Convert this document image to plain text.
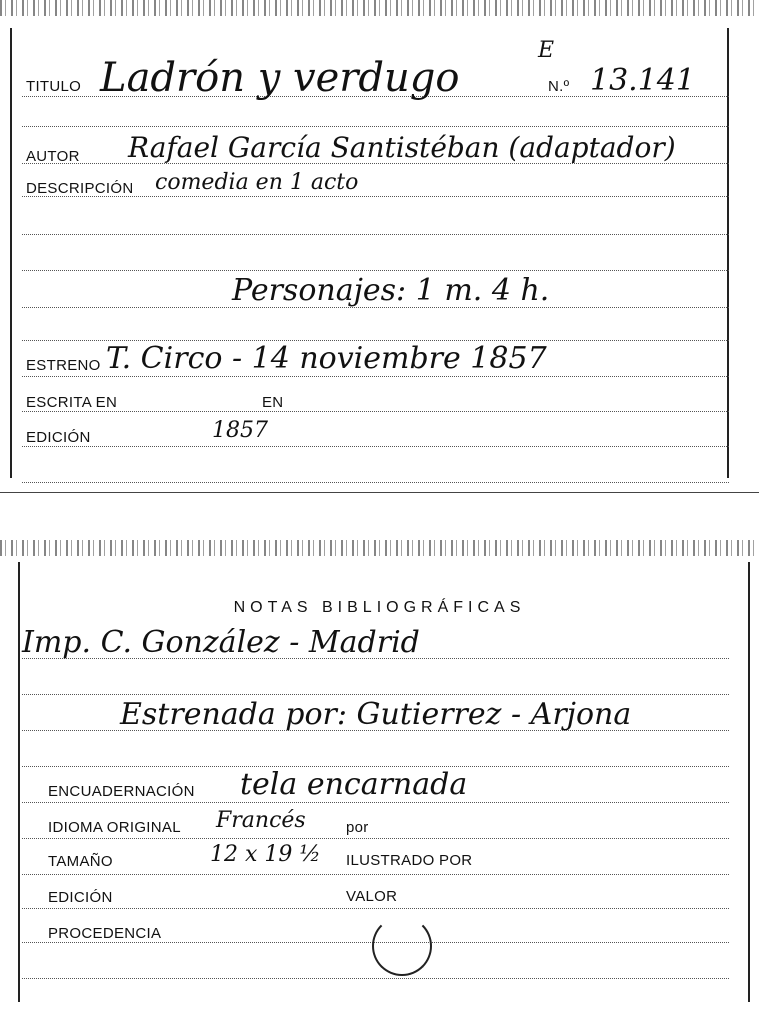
E
TITULO Ladrón y verdugo	N.º 13.141
AUTOR Rafael García Santistéban (adaptador)
DESCRIPCIÓN comedia en 1 acto
Personajes: 1 m. 4 h.
ESTRENO T. Circo - 14 noviembre 1857
ESCRITA EN	EN
EDICIÓN	1857
NOTAS BIBLIOGRÁFICAS
Imp. C. González - Madrid
Estrenada por: Gutierrez - Arjona
ENCUADERNACIÓN tela encarnada
IDIOMA ORIGINAL Francés	por
TAMAÑO	12 x 19 ½ ILUSTRADO POR
EDICIÓN	VALOR
PROCEDENCIA
